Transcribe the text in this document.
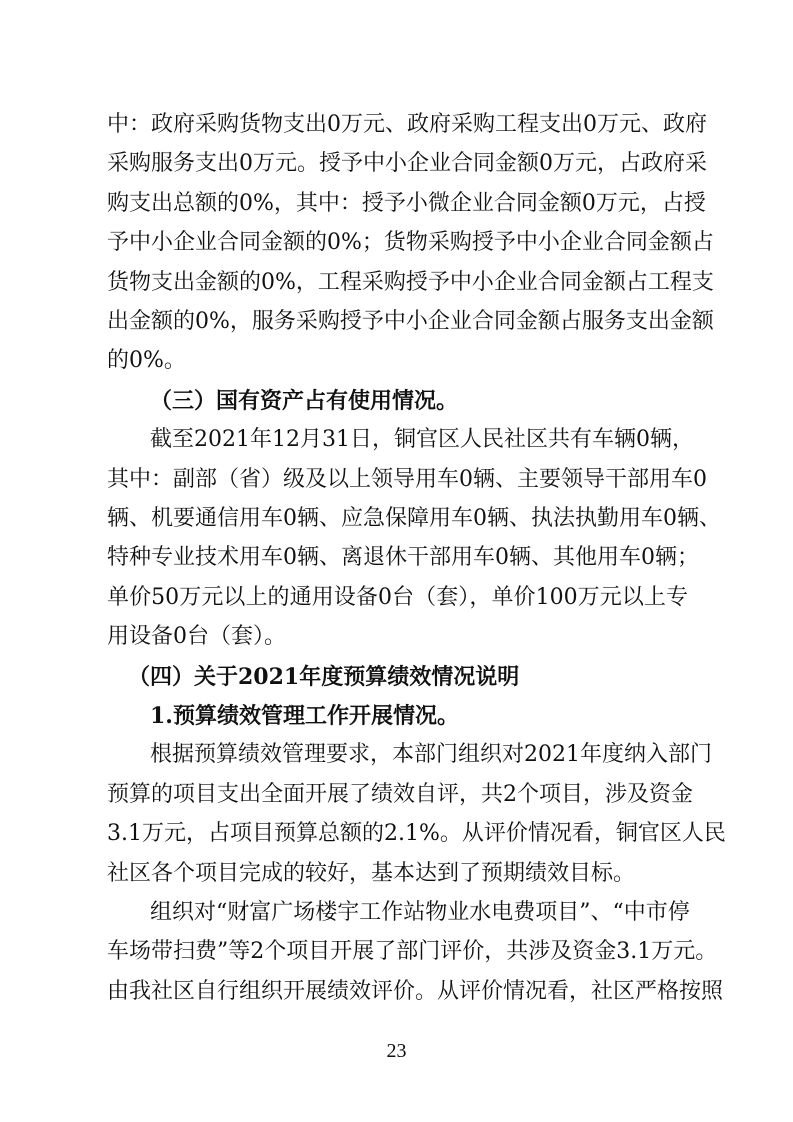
中：政府采购货物支出0万元、政府采购工程支出0万元、政府
采购服务支出0万元。授予中小企业合同金额0万元，占政府采
购支出总额的0%，其中：授予小微企业合同金额0万元，占授
予中小企业合同金额的0%；货物采购授予中小企业合同金额占
货物支出金额的0%，工程采购授予中小企业合同金额占工程支
出金额的0%，服务采购授予中小企业合同金额占服务支出金额
的0%。
（三）国有资产占有使用情况。
截至2021年12月31日，铜官区人民社区共有车辆0辆，
其中：副部（省）级及以上领导用车0辆、主要领导干部用车0
辆、机要通信用车0辆、应急保障用车0辆、执法执勤用车0辆、
特种专业技术用车0辆、离退休干部用车0辆、其他用车0辆；
单价50万元以上的通用设备0台（套），单价100万元以上专
用设备0台（套）。
（四）关于2021年度预算绩效情况说明
1.预算绩效管理工作开展情况。
根据预算绩效管理要求，本部门组织对2021年度纳入部门
预算的项目支出全面开展了绩效自评，共2个项目，涉及资金
3.1万元，占项目预算总额的2.1%。从评价情况看，铜官区人民
社区各个项目完成的较好，基本达到了预期绩效目标。
组织对“财富广场楼宇工作站物业水电费项目”、“中市停
车场带扫费”等2个项目开展了部门评价，共涉及资金3.1万元。
由我社区自行组织开展绩效评价。从评价情况看，社区严格按照
23
